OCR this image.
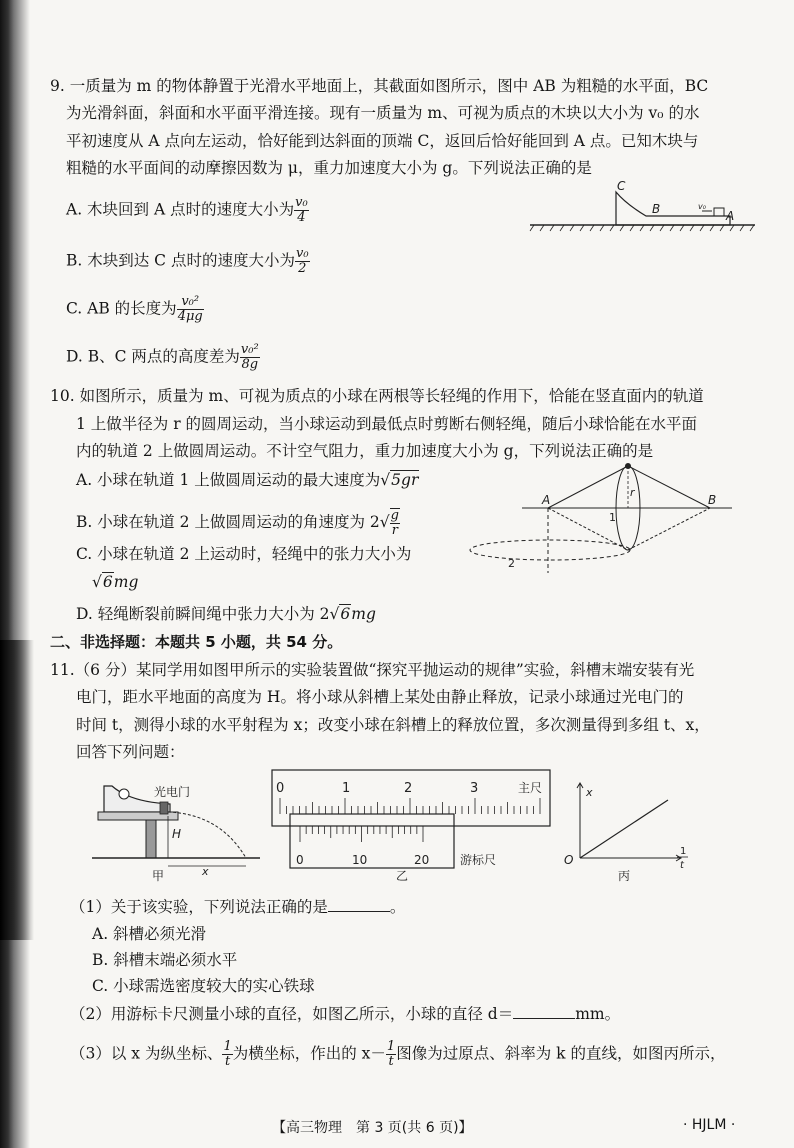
9. 一质量为 m 的物体静置于光滑水平地面上，其截面如图所示，图中 AB 为粗糙的水平面，BC
为光滑斜面，斜面和水平面平滑连接。现有一质量为 m、可视为质点的木块以大小为 v₀ 的水
平初速度从 A 点向左运动，恰好能到达斜面的顶端 C，返回后恰好能回到 A 点。已知木块与
粗糙的水平面间的动摩擦因数为 μ，重力加速度大小为 g。下列说法正确的是
A. 木块回到 A 点时的速度大小为 $\frac{\text{v₀}}{4}$
B. 木块到达 C 点时的速度大小为 $\frac{\text{v₀}}{2}$
C. AB 的长度为 $\frac{\text{v₀²}}{4\mu g}$
D. B、C 两点的高度差为 $\frac{\text{v₀²}}{8g}$
C
B	A
v₀
10. 如图所示，质量为 m、可视为质点的小球在两根等长轻绳的作用下，恰能在竖直面内的轨道
1 上做半径为 r 的圆周运动，当小球运动到最低点时剪断右侧轻绳，随后小球恰能在水平面
内的轨道 2 上做圆周运动。不计空气阻力，重力加速度大小为 g，下列说法正确的是
A. 小球在轨道 1 上做圆周运动的最大速度为√5gr
B. 小球在轨道 2 上做圆周运动的角速度为 $2√ \frac{g}{r}$
C. 小球在轨道 2 上运动时，轻绳中的张力大小为
√6mg
D. 轻绳断裂前瞬间绳中张力大小为 2√6mg
A	B
r
1
2
二、非选择题：本题共 5 小题，共 54 分。
11.（6 分）某同学用如图甲所示的实验装置做“探究平抛运动的规律”实验，斜槽末端安装有光
电门，距水平地面的高度为 H。将小球从斜槽上某处由静止释放，记录小球通过光电门的
时间 t，测得小球的水平射程为 x；改变小球在斜槽上的释放位置，多次测量得到多组 t、x，
回答下列问题：
光电门
H
x
甲
0	1	2	3	主尺
0	10	20	游标尺
乙
x
O
1
t
丙
（1）关于该实验，下列说法正确的是	。
A. 斜槽必须光滑
B. 斜槽末端必须水平
C. 小球需选密度较大的实心铁球
（2）用游标卡尺测量小球的直径，如图乙所示，小球的直径 d＝	mm。
（3）以 x 为纵坐标、 $\frac{1}{t}$ 为横坐标，作出的 $x- \frac{1}{t}$ 图像为过原点、斜率为 k 的直线，如图丙所示，
【高三物理　第 3 页(共 6 页)】	· HJLM ·
